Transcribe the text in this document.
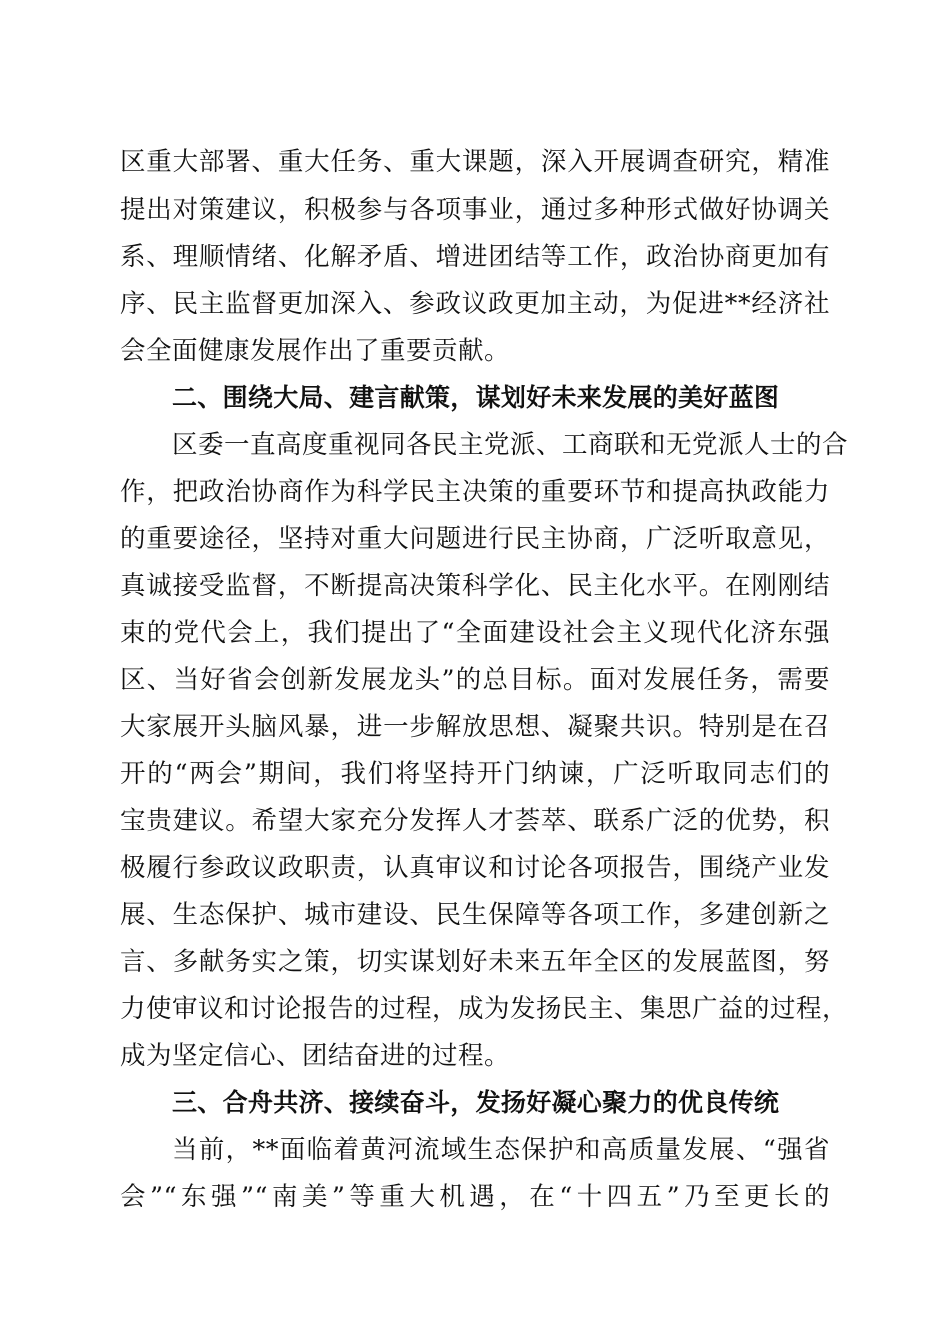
区重大部署、重大任务、重大课题，深入开展调查研究，精准
提出对策建议，积极参与各项事业，通过多种形式做好协调关
系、理顺情绪、化解矛盾、增进团结等工作，政治协商更加有
序、民主监督更加深入、参政议政更加主动，为促进**经济社
会全面健康发展作出了重要贡献。
二、围绕大局、建言献策，谋划好未来发展的美好蓝图
区委一直高度重视同各民主党派、工商联和无党派人士的合
作，把政治协商作为科学民主决策的重要环节和提高执政能力
的重要途径，坚持对重大问题进行民主协商，广泛听取意见，
真诚接受监督，不断提高决策科学化、民主化水平。在刚刚结
束的党代会上，我们提出了“全面建设社会主义现代化济东强
区、当好省会创新发展龙头”的总目标。面对发展任务，需要
大家展开头脑风暴，进一步解放思想、凝聚共识。特别是在召
开的“两会”期间，我们将坚持开门纳谏，广泛听取同志们的
宝贵建议。希望大家充分发挥人才荟萃、联系广泛的优势，积
极履行参政议政职责，认真审议和讨论各项报告，围绕产业发
展、生态保护、城市建设、民生保障等各项工作，多建创新之
言、多献务实之策，切实谋划好未来五年全区的发展蓝图，努
力使审议和讨论报告的过程，成为发扬民主、集思广益的过程，
成为坚定信心、团结奋进的过程。
三、合舟共济、接续奋斗，发扬好凝心聚力的优良传统
当前，**面临着黄河流域生态保护和高质量发展、“强省
会”“东强”“南美”等重大机遇，在“十四五”乃至更长的
